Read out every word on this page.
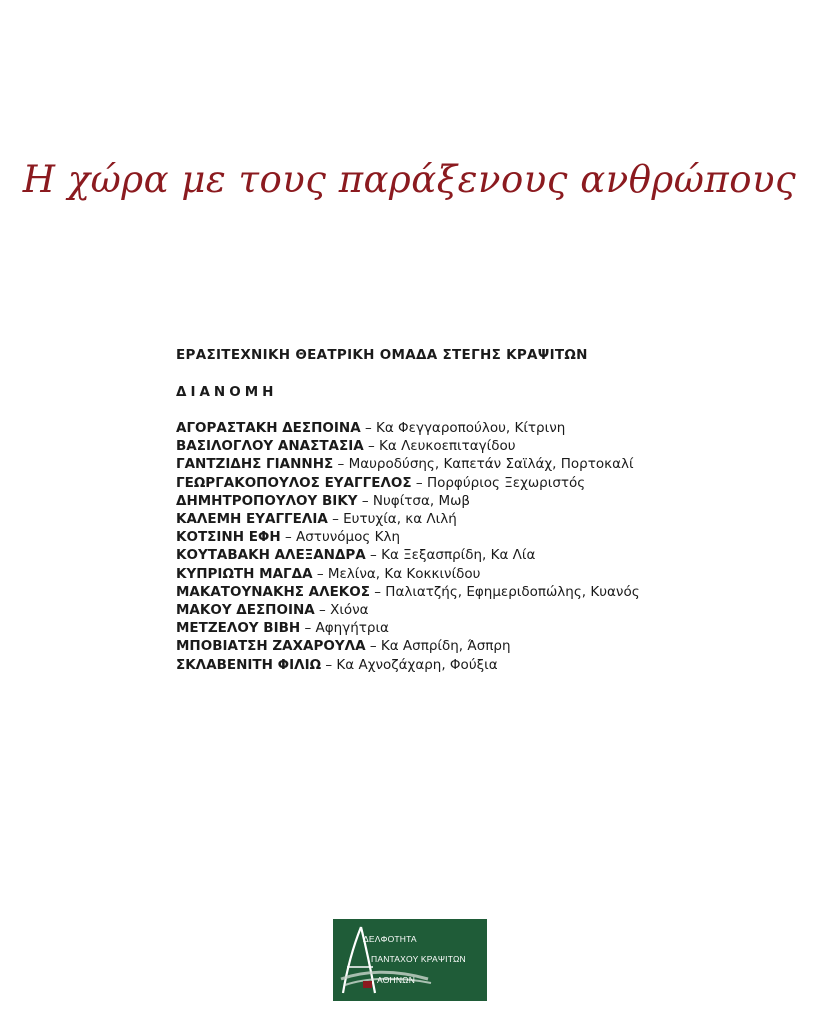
Η χώρα με τους παράξενους ανθρώπους

ΕΡΑΣΙΤΕΧΝΙΚΗ ΘΕΑΤΡΙΚΗ ΟΜΑΔΑ ΣΤΕΓΗΣ ΚΡΑΨΙΤΩΝ

ΔΙΑΝΟΜΗ

ΑΓΟΡΑΣΤΑΚΗ ΔΕΣΠΟΙΝΑ – Κα Φεγγαροπούλου, Κίτρινη
ΒΑΣΙΛΟΓΛΟΥ ΑΝΑΣΤΑΣΙΑ – Κα Λευκοεπιταγίδου
ΓΑΝΤΖΙΔΗΣ ΓΙΑΝΝΗΣ – Μαυροδύσης, Καπετάν Σαϊλάχ, Πορτοκαλί
ΓΕΩΡΓΑΚΟΠΟΥΛΟΣ ΕΥΑΓΓΕΛΟΣ – Πορφύριος Ξεχωριστός
ΔΗΜΗΤΡΟΠΟΥΛΟΥ ΒΙΚΥ – Νυφίτσα, Μωβ
ΚΑΛΕΜΗ ΕΥΑΓΓΕΛΙΑ – Ευτυχία, κα Λιλή
ΚΟΤΣΙΝΗ ΕΦΗ – Αστυνόμος Κλη
ΚΟΥΤΑΒΑΚΗ ΑΛΕΞΑΝΔΡΑ – Κα Ξεξασπρίδη, Κα Λία
ΚΥΠΡΙΩΤΗ ΜΑΓΔΑ – Μελίνα, Κα Κοκκινίδου
ΜΑΚΑΤΟΥΝΑΚΗΣ ΑΛΕΚΟΣ – Παλιατζής, Εφημεριδοπώλης, Κυανός
ΜΑΚΟΥ ΔΕΣΠΟΙΝΑ – Χιόνα
ΜΕΤΖΕΛΟΥ ΒΙΒΗ – Αφηγήτρια
ΜΠΟΒΙΑΤΣΗ ΖΑΧΑΡΟΥΛΑ – Κα Ασπρίδη, Άσπρη
ΣΚΛΑΒΕΝΙΤΗ ΦΙΛΙΩ – Κα Αχνοζάχαρη, Φούξια
ΔΕΛΦΟΤΗΤΑ
ΠΑΝΤΑΧΟΥ ΚΡΑΨΙΤΩΝ
ΑΘΗΝΩΝ
